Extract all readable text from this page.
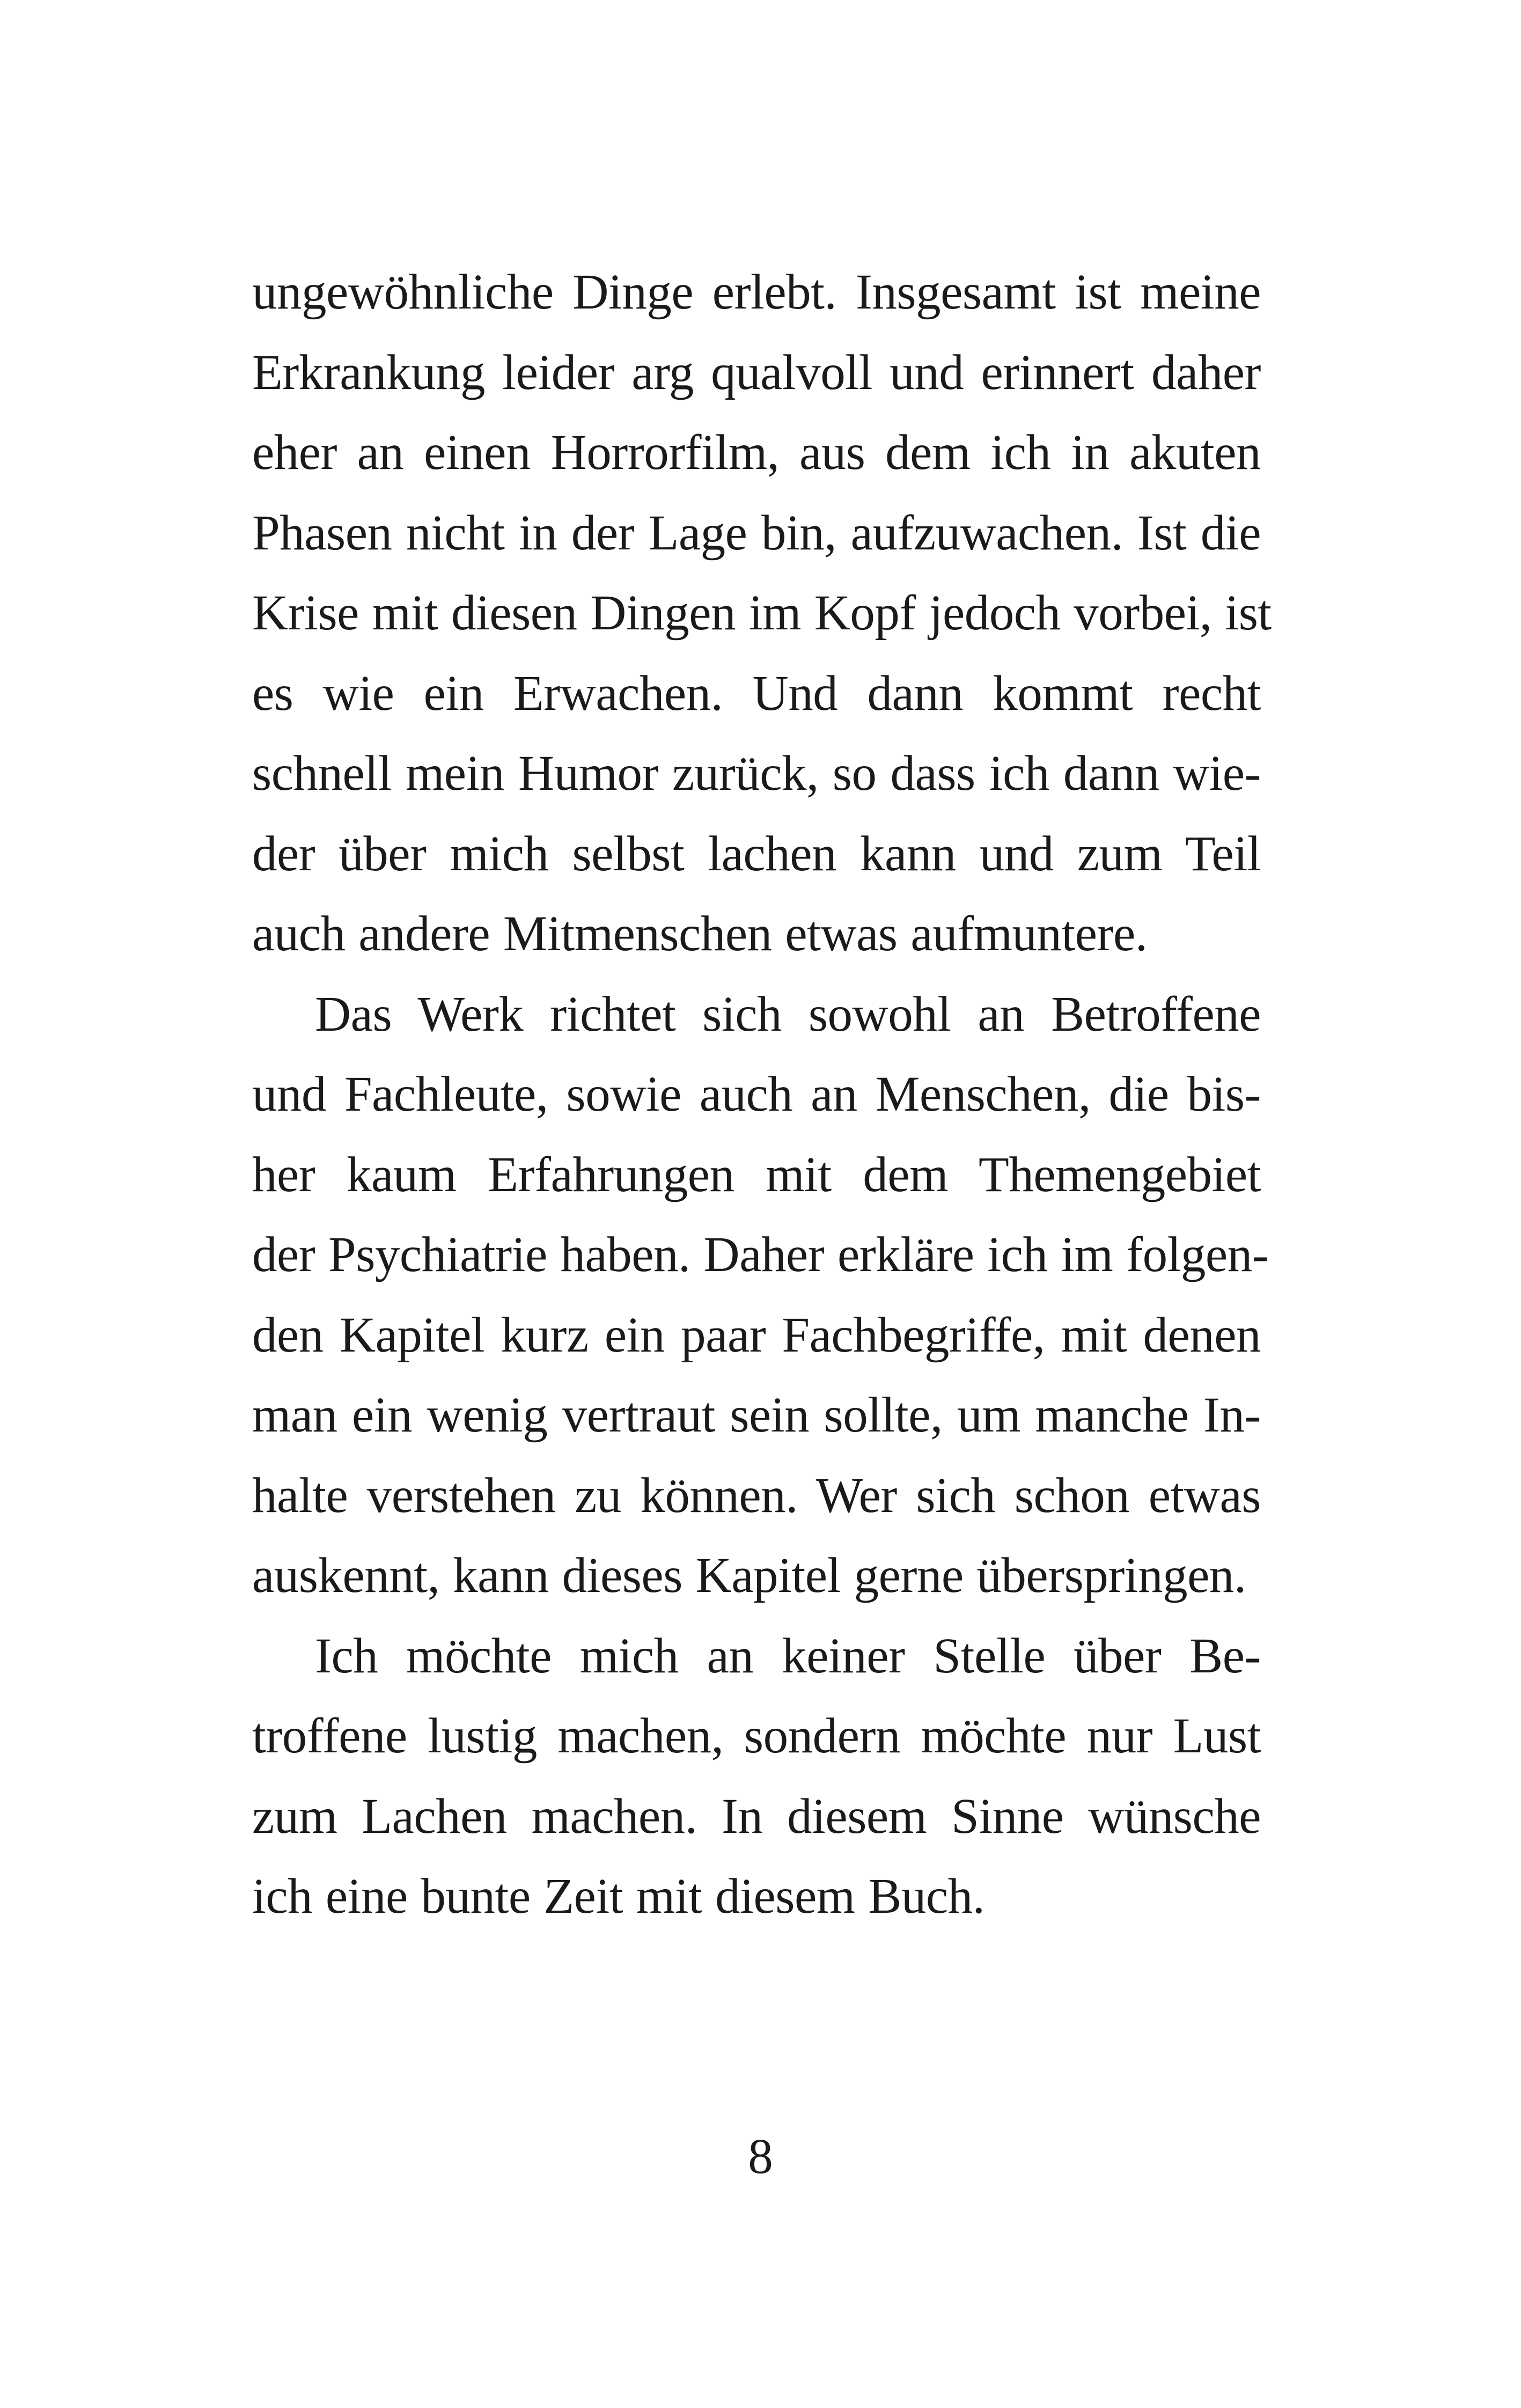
ungewöhnliche Dinge erlebt. Insgesamt ist meine
Erkrankung leider arg qualvoll und erinnert daher
eher an einen Horrorfilm, aus dem ich in akuten
Phasen nicht in der Lage bin, aufzuwachen. Ist die
Krise mit diesen Dingen im Kopf jedoch vorbei, ist
es wie ein Erwachen. Und dann kommt recht
schnell mein Humor zurück, so dass ich dann wie-
der über mich selbst lachen kann und zum Teil
auch andere Mitmenschen etwas aufmuntere.
Das Werk richtet sich sowohl an Betroffene
und Fachleute, sowie auch an Menschen, die bis-
her kaum Erfahrungen mit dem Themengebiet
der Psychiatrie haben. Daher erkläre ich im folgen-
den Kapitel kurz ein paar Fachbegriffe, mit denen
man ein wenig vertraut sein sollte, um manche In-
halte verstehen zu können. Wer sich schon etwas
auskennt, kann dieses Kapitel gerne überspringen.
Ich möchte mich an keiner Stelle über Be-
troffene lustig machen, sondern möchte nur Lust
zum Lachen machen. In diesem Sinne wünsche
ich eine bunte Zeit mit diesem Buch.
8
